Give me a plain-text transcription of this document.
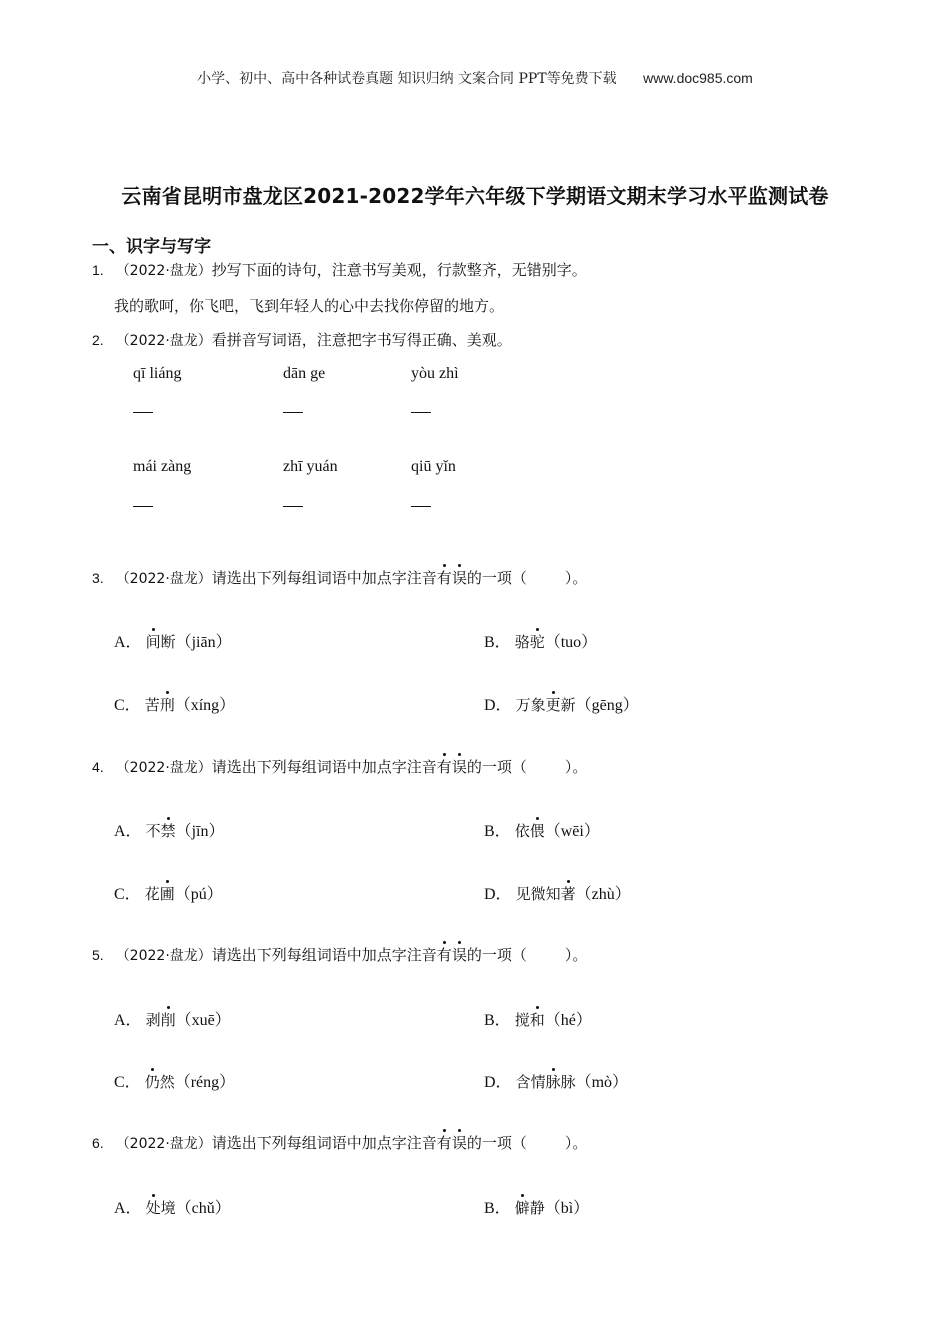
小学、初中、高中各种试卷真题 知识归纳 文案合同 PPT等免费下载 www.doc985.com
云南省昆明市盘龙区2021-2022学年六年级下学期语文期末学习水平监测试卷
一、识字与写字
1. （2022·盘龙）抄写下面的诗句，注意书写美观，行款整齐，无错别字。
我的歌呵，你飞吧，飞到年轻人的心中去找你停留的地方。
2. （2022·盘龙）看拼音写词语，注意把字书写得正确、美观。
qī liáng	dān ge	yòu zhì
mái zàng	zhī yuán	qiū yǐn
3. （2022·盘龙）请选出下列每组词语中加点字注音有误的一项（	）。
A． 间断（jiān）	B． 骆驼（tuo）
C． 苦刑（xíng）	D． 万象更新（gēng）
4. （2022·盘龙）请选出下列每组词语中加点字注音有误的一项（	）。
A． 不禁（jīn）	B． 依偎（wēi）
C． 花圃（pú）	D． 见微知著（zhù）
5. （2022·盘龙）请选出下列每组词语中加点字注音有误的一项（	）。
A． 剥削（xuē）	B． 搅和（hé）
C． 仍然（réng）	D． 含情脉脉（mò）
6. （2022·盘龙）请选出下列每组词语中加点字注音有误的一项（	）。
A． 处境（chǔ）	B． 僻静（bì）
